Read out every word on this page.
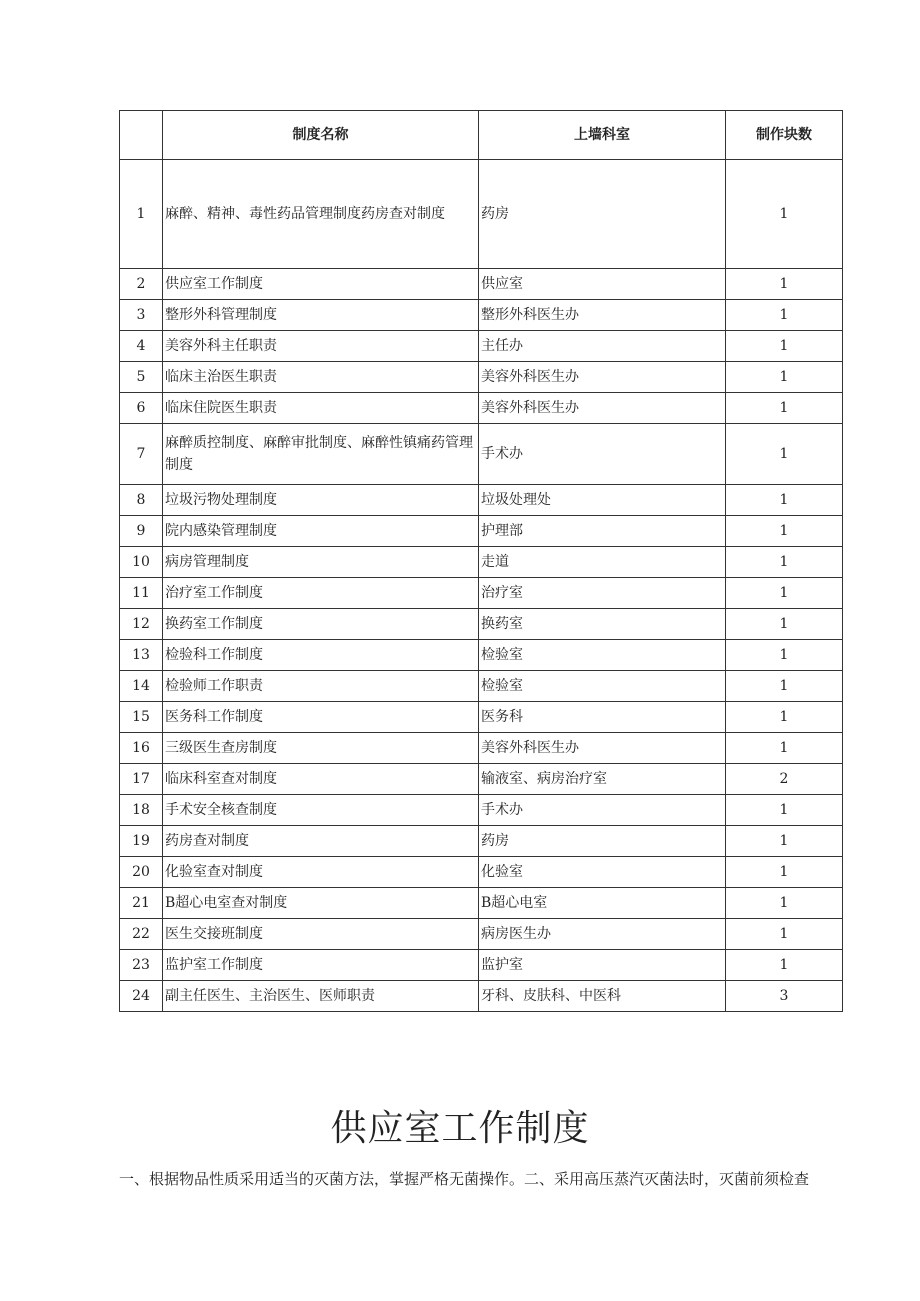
	制度名称	上墙科室	制作块数
1	麻醉、精神、毒性药品管理制度药房查对制度	药房	1
2	供应室工作制度	供应室	1
3	整形外科管理制度	整形外科医生办	1
4	美容外科主任职责	主任办	1
5	临床主治医生职责	美容外科医生办	1
6	临床住院医生职责	美容外科医生办	1
7	麻醉质控制度、麻醉审批制度、麻醉性镇痛药管理制度	手术办	1
8	垃圾污物处理制度	垃圾处理处	1
9	院内感染管理制度	护理部	1
10	病房管理制度	走道	1
11	治疗室工作制度	治疗室	1
12	换药室工作制度	换药室	1
13	检验科工作制度	检验室	1
14	检验师工作职责	检验室	1
15	医务科工作制度	医务科	1
16	三级医生查房制度	美容外科医生办	1
17	临床科室查对制度	输液室、病房治疗室	2
18	手术安全核查制度	手术办	1
19	药房查对制度	药房	1
20	化验室查对制度	化验室	1
21	B超心电室查对制度	B超心电室	1
22	医生交接班制度	病房医生办	1
23	监护室工作制度	监护室	1
24	副主任医生、主治医生、医师职责	牙科、皮肤科、中医科	3
供应室工作制度

一、根据物品性质采用适当的灭菌方法，掌握严格无菌操作。二、采用高压蒸汽灭菌法时，灭菌前须检查
